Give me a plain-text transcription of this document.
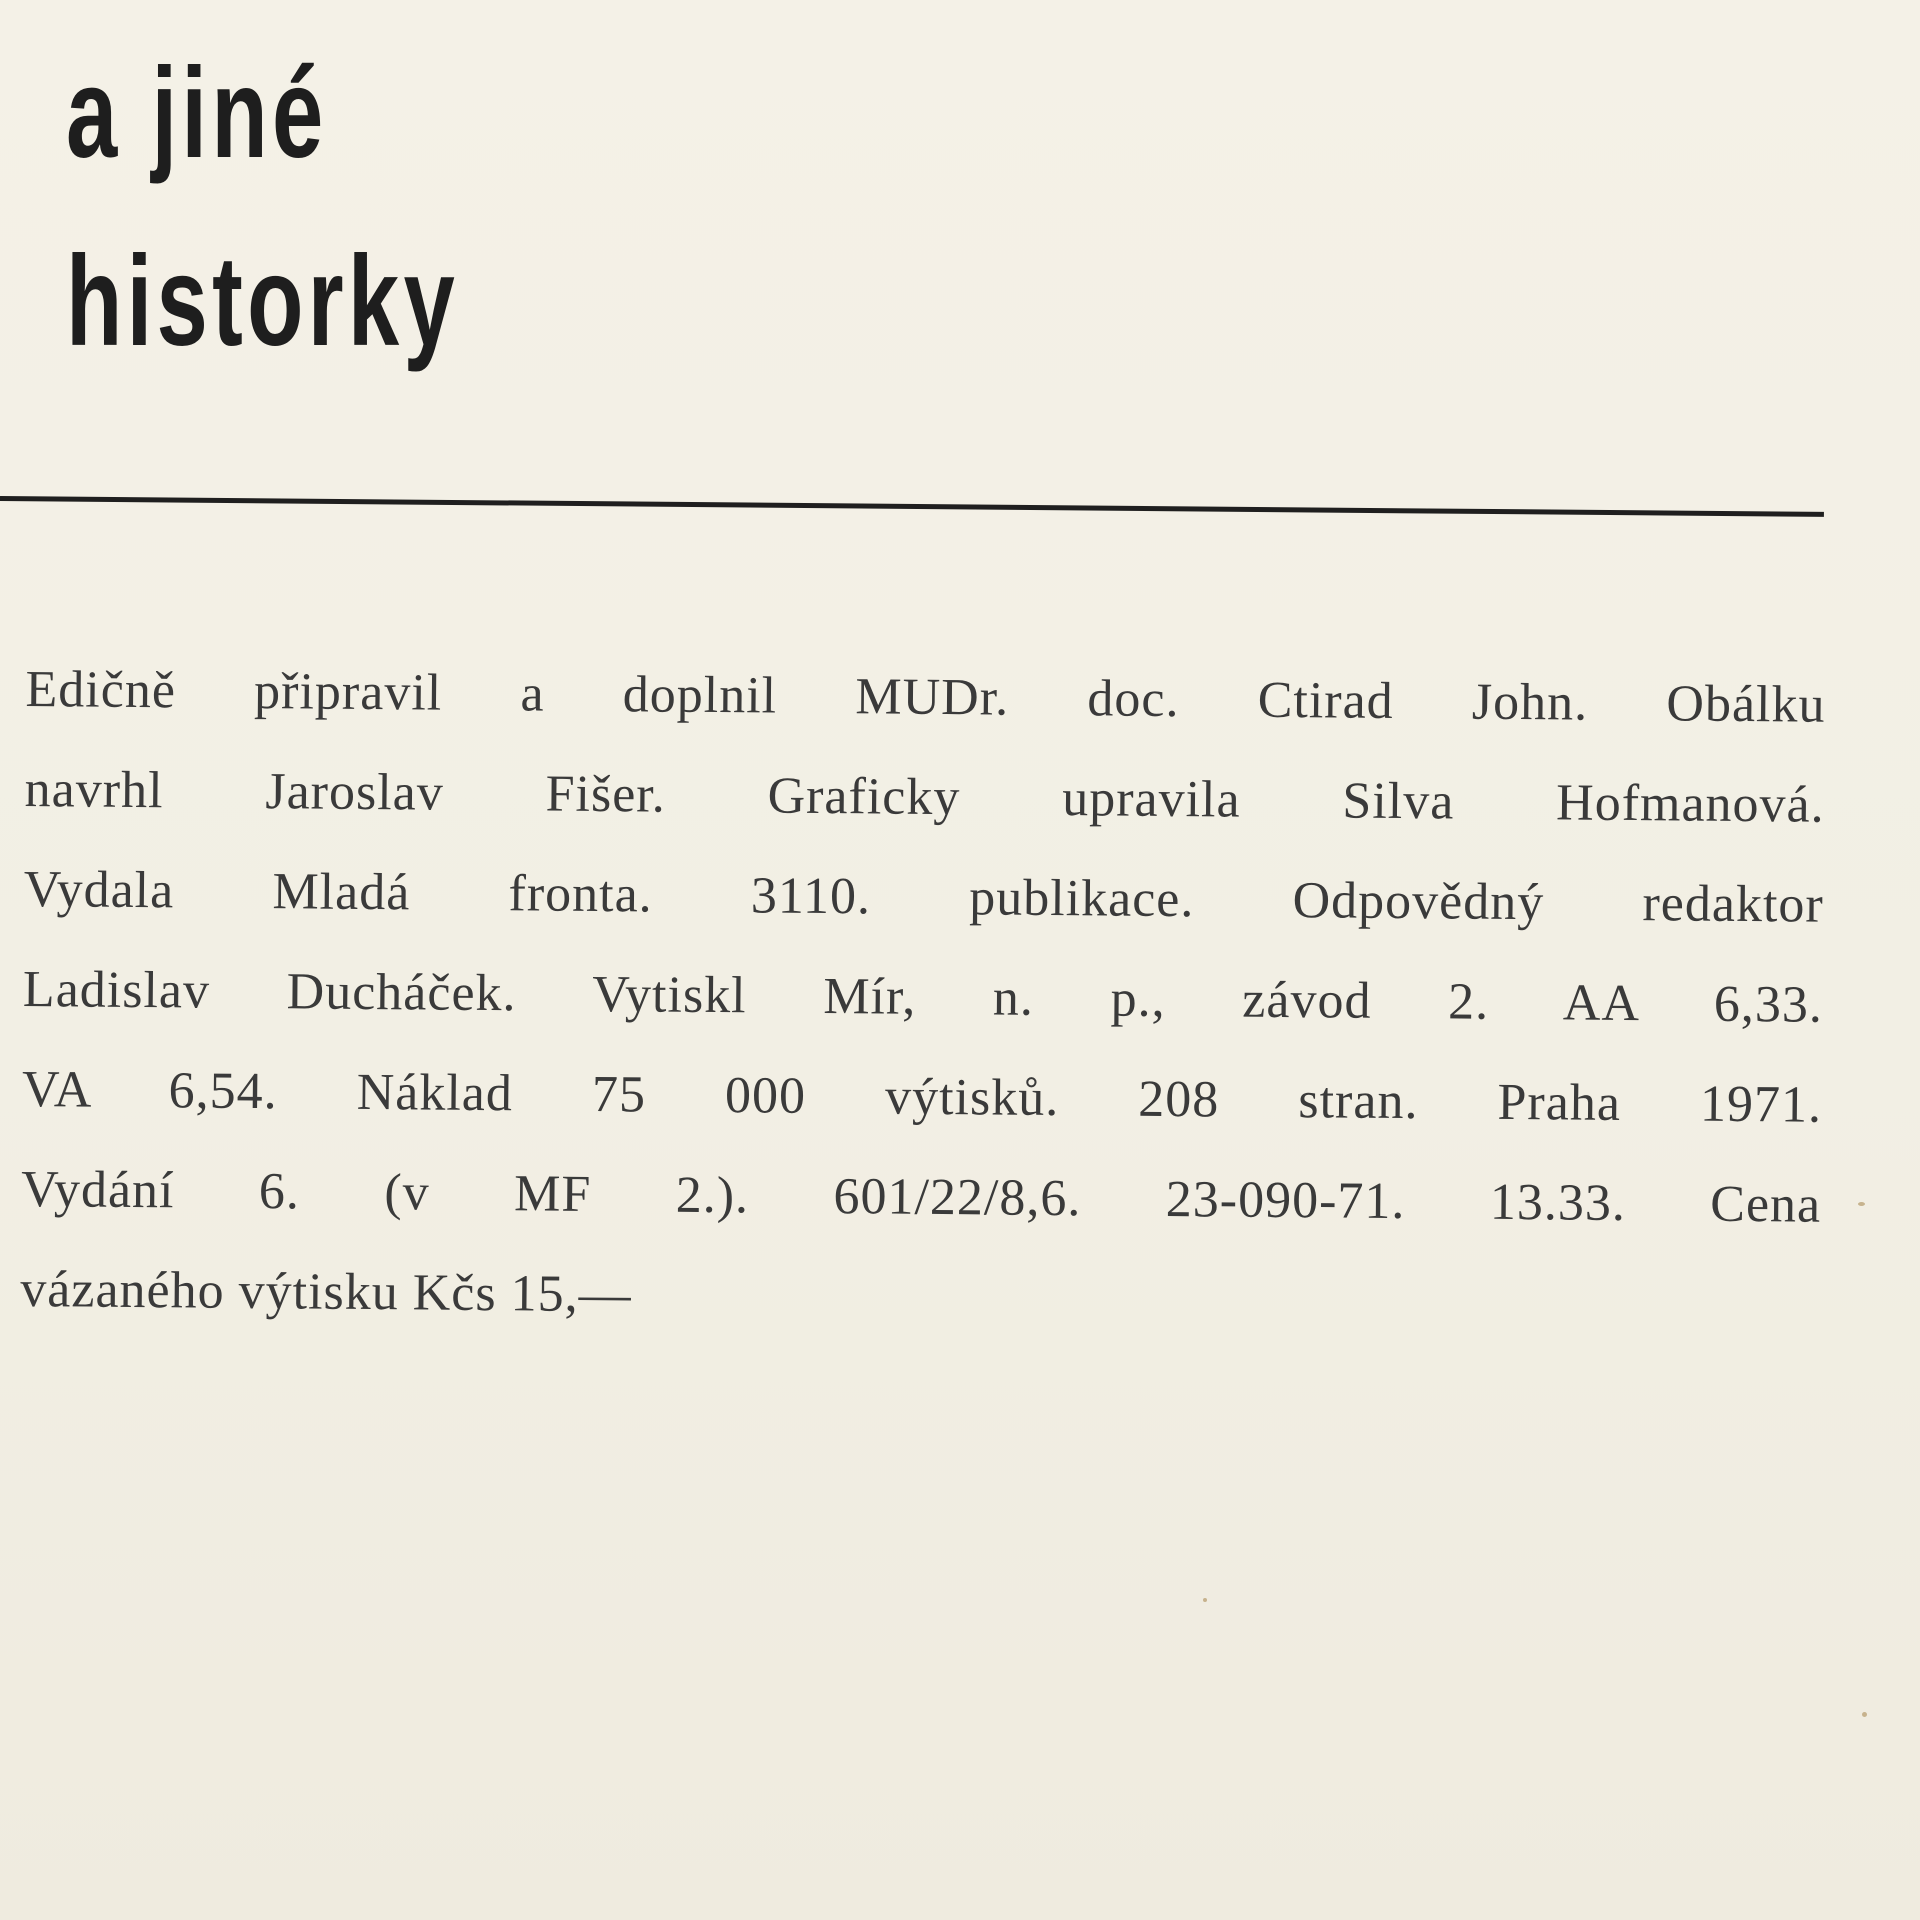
a jiné
historky
Edičně připravil a doplnil MUDr. doc. Ctirad John. Obálku
navrhl Jaroslav Fišer. Graficky upravila Silva Hofmanová.
Vydala Mladá fronta. 3110. publikace. Odpovědný redaktor
Ladislav Ducháček. Vytiskl Mír, n. p., závod 2. AA 6,33.
VA 6,54. Náklad 75 000 výtisků. 208 stran. Praha 1971.
Vydání 6. (v MF 2.). 601/22/8,6. 23-090-71. 13.33. Cena
vázaného výtisku Kčs 15,—
